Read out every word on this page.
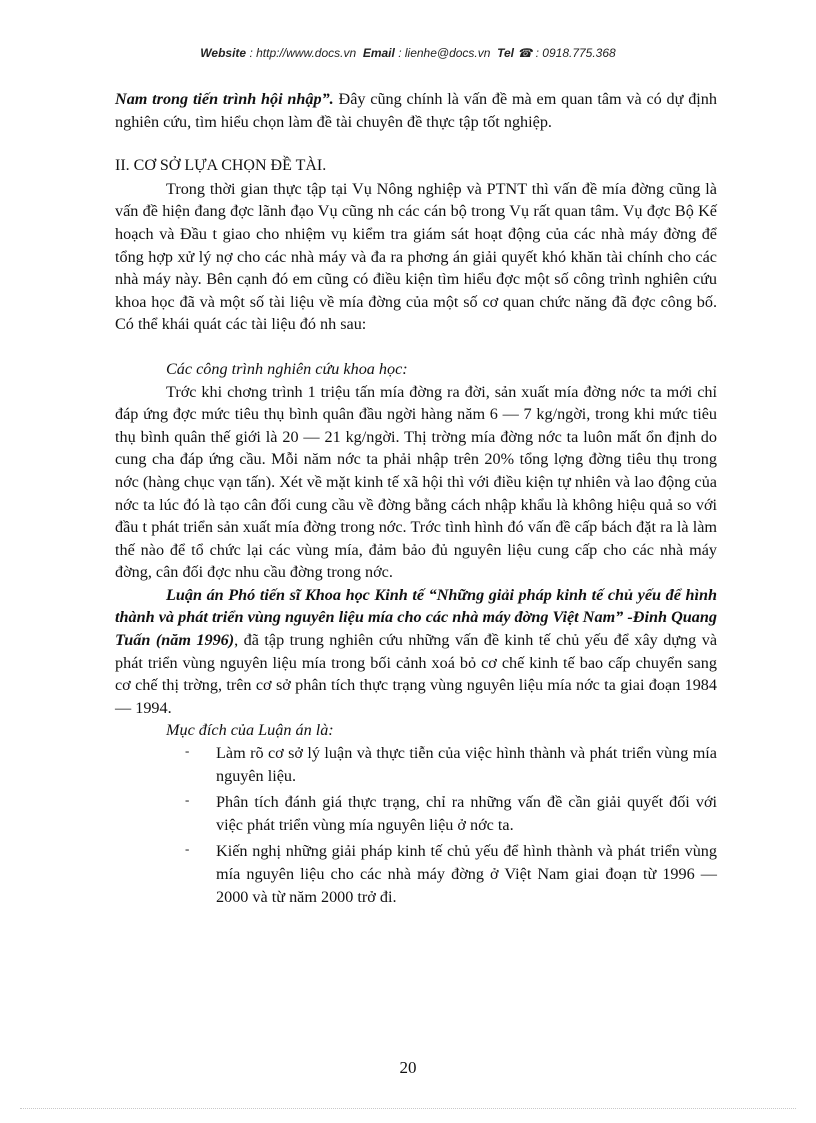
Website : http://www.docs.vn Email : lienhe@docs.vn Tel ☎ : 0918.775.368

Nam trong tiến trình hội nhập”. Đây cũng chính là vấn đề mà em quan tâm và có dự định nghiên cứu, tìm hiểu chọn làm đề tài chuyên đề thực tập tốt nghiệp.

II. CƠ SỞ LỰA CHỌN ĐỀ TÀI.

Trong thời gian thực tập tại Vụ Nông nghiệp và PTNT thì vấn đề mía đờng cũng là vấn đề hiện đang đợc lãnh đạo Vụ cũng nh các cán bộ trong Vụ rất quan tâm. Vụ đợc Bộ Kế hoạch và Đầu t giao cho nhiệm vụ kiểm tra giám sát hoạt động của các nhà máy đờng để tổng hợp xử lý nợ cho các nhà máy và đa ra phơng án giải quyết khó khăn tài chính cho các nhà máy này. Bên cạnh đó em cũng có điều kiện tìm hiểu đợc một số công trình nghiên cứu khoa học đã và một số tài liệu về mía đờng của một số cơ quan chức năng đã đợc công bố. Có thể khái quát các tài liệu đó nh sau:

Các công trình nghiên cứu khoa học:

Trớc khi chơng trình 1 triệu tấn mía đờng ra đời, sản xuất mía đờng nớc ta mới chỉ đáp ứng đợc mức tiêu thụ bình quân đầu ngời hàng năm 6 — 7 kg/ngời, trong khi mức tiêu thụ bình quân thế giới là 20 — 21 kg/ngời. Thị trờng mía đờng nớc ta luôn mất ổn định do cung cha đáp ứng cầu. Mỗi năm nớc ta phải nhập trên 20% tổng lợng đờng tiêu thụ trong nớc (hàng chục vạn tấn). Xét về mặt kinh tế xã hội thì với điều kiện tự nhiên và lao động của nớc ta lúc đó là tạo cân đối cung cầu về đờng bằng cách nhập khẩu là không hiệu quả so với đầu t phát triển sản xuất mía đờng trong nớc. Trớc tình hình đó vấn đề cấp bách đặt ra là làm thế nào để tổ chức lại các vùng mía, đảm bảo đủ nguyên liệu cung cấp cho các nhà máy đờng, cân đối đợc nhu cầu đờng trong nớc.

Luận án Phó tiến sĩ Khoa học Kinh tế “Những giải pháp kinh tế chủ yếu để hình thành và phát triển vùng nguyên liệu mía cho các nhà máy đờng Việt Nam” -Đinh Quang Tuấn (năm 1996), đã tập trung nghiên cứu những vấn đề kinh tế chủ yếu để xây dựng và phát triển vùng nguyên liệu mía trong bối cảnh xoá bỏ cơ chế kinh tế bao cấp chuyển sang cơ chế thị trờng, trên cơ sở phân tích thực trạng vùng nguyên liệu mía nớc ta giai đoạn 1984 — 1994.

Mục đích của Luận án là:

- Làm rõ cơ sở lý luận và thực tiễn của việc hình thành và phát triển vùng mía nguyên liệu.
- Phân tích đánh giá thực trạng, chỉ ra những vấn đề cần giải quyết đối với việc phát triển vùng mía nguyên liệu ở nớc ta.
- Kiến nghị những giải pháp kinh tế chủ yếu để hình thành và phát triển vùng mía nguyên liệu cho các nhà máy đờng ở Việt Nam giai đoạn từ 1996 — 2000 và từ năm 2000 trở đi.
20
